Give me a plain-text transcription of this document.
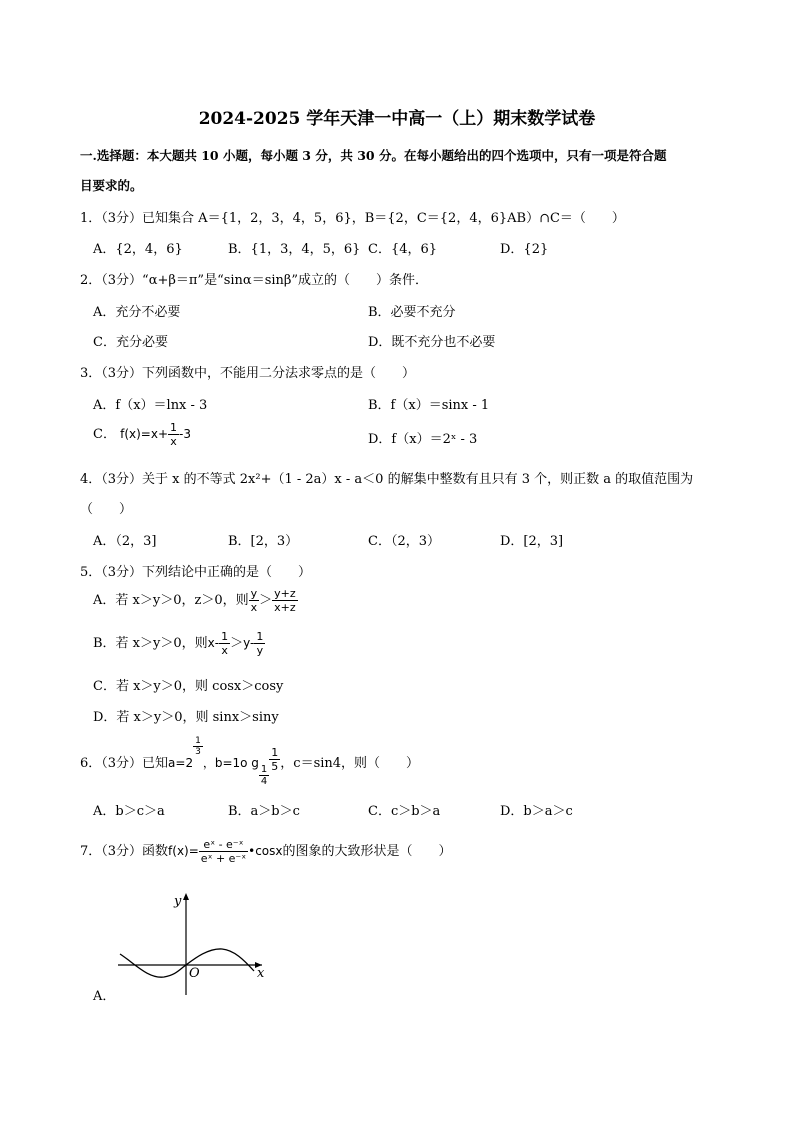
2024-2025 学年天津一中高一（上）期末数学试卷
一.选择题：本大题共 10 小题，每小题 3 分，共 30 分。在每小题给出的四个选项中，只有一项是符合题
目要求的。
1．（3分）已知集合 A＝{1，2，3，4，5，6}，B＝{2，C＝{2，4，6}AB）∩C＝（　　）
A．{2，4，6}	B．{1，3，4，5，6} C．{4，6}	D．{2}
2．（3分）“α+β＝π”是“sinα＝sinβ”成立的（　　）条件．
A．充分不必要	B．必要不充分
C．充分必要	D．既不充分也不必要
3．（3分）下列函数中，不能用二分法求零点的是（　　）
A．f（x）＝lnx - 3	B．f（x）＝sinx - 1
C． $f(x)=x+ \frac{1}{x} -3$	D．f（x）＝2ˣ - 3
4．（3分）关于 x 的不等式 2x²+（1 - 2a）x - a＜0 的解集中整数有且只有 3 个，则正数 a 的取值范围为
（　　）
A．（2，3]	B．[2，3）	C．（2，3）	D．[2，3]
5．（3分）下列结论中正确的是（　　）
A．若 x＞y＞0，z＞0，则 $\frac{y}{x} > \frac{y+z}{x+z}$
B．若 x＞y＞0，则$x- \frac{1}{x} >y- \frac{1}{y}$
C．若 x＞y＞0，则 cosx＞cosy
D．若 x＞y＞0，则 sinx＞siny
6．（3分）已知a=2
$\frac{1}{3}$
，b=1o g
$\frac{1}{4}$
$\frac{1}{5}$ ，c＝sin4，则（　　）
A．b＞c＞a	B．a＞b＞c	C．c＞b＞a	D．b＞a＞c
7．（3分）函数$f(x)= \frac{\text{eˣ - e⁻ˣ}}{\text{eˣ + e⁻ˣ}}$ •cosx的图象的大致形状是（　　）
y
x
O
A．
